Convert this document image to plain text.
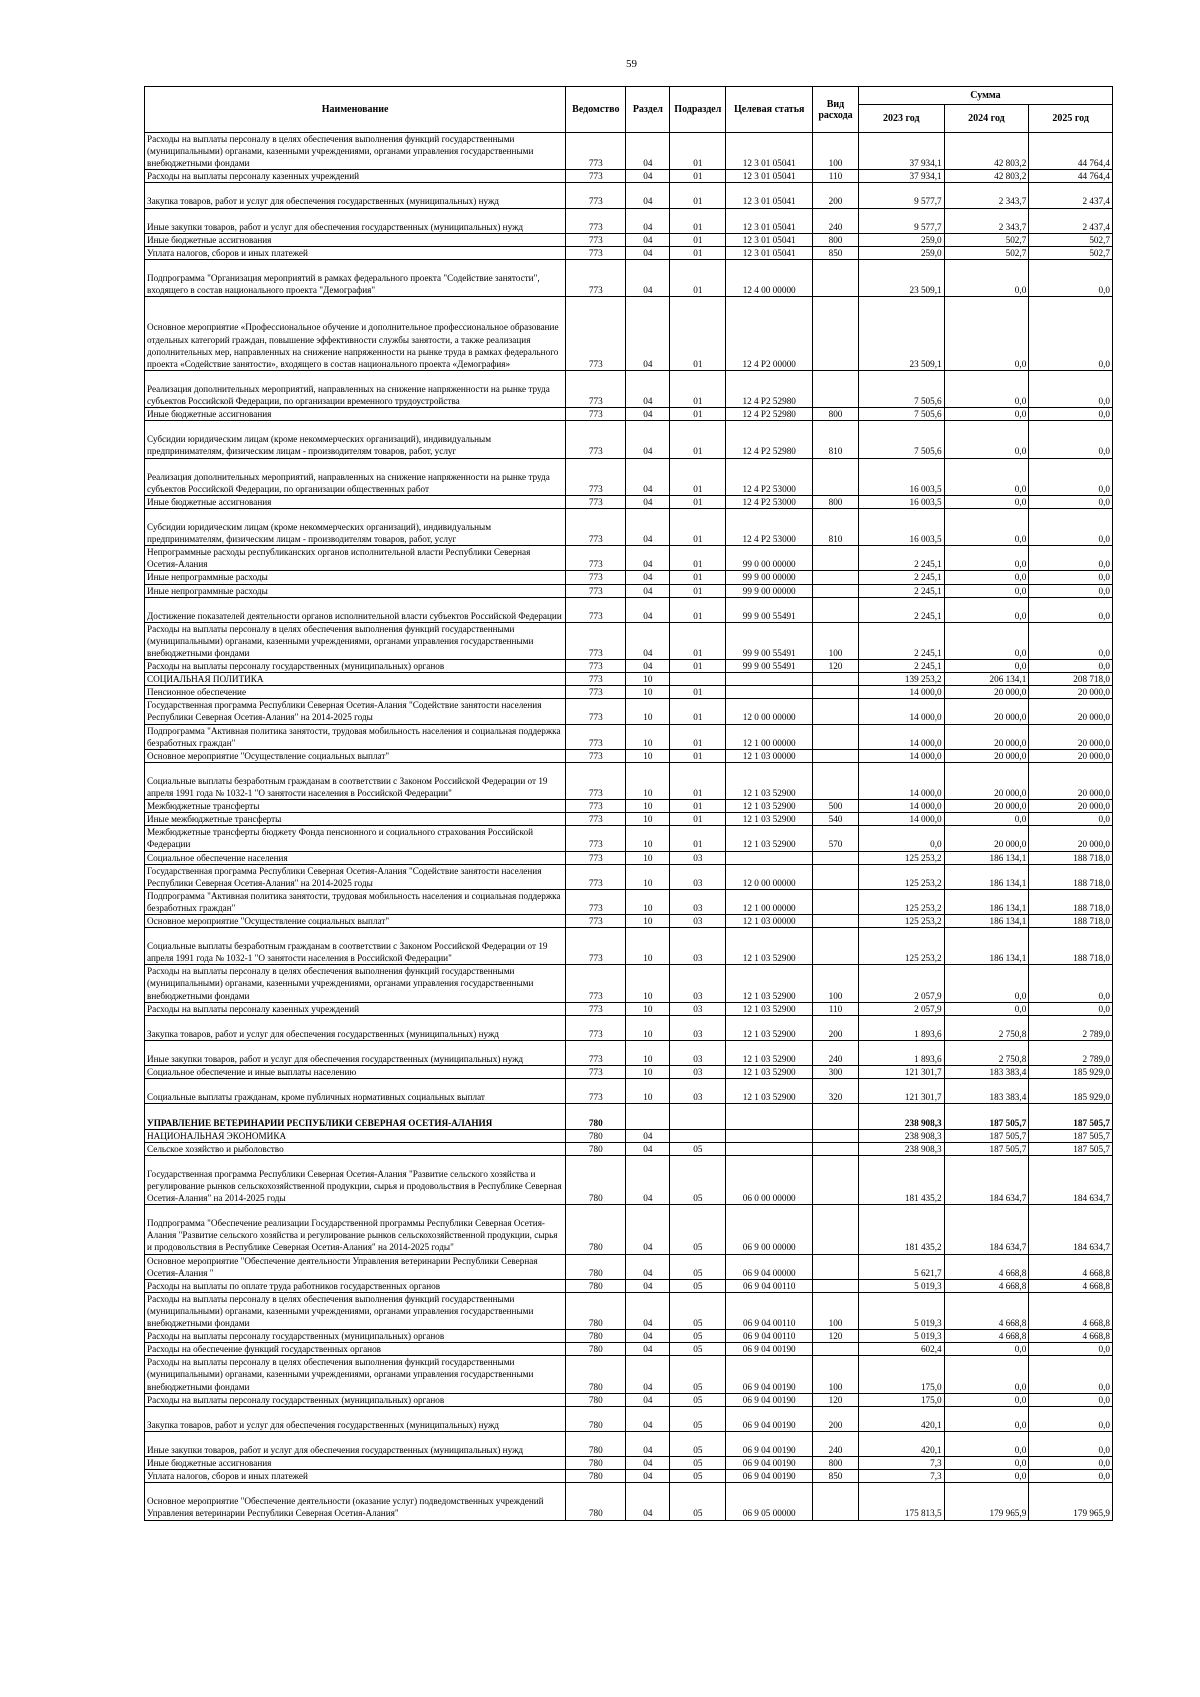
59
Наименование	Ведомство	Раздел	Подраздел	Целевая статья	Вид расхода	Сумма		
						2023 год	2024 год	2025 год
Расходы на выплаты персоналу в целях обеспечения выполнения функций государственными (муниципальными) органами, казенными учреждениями, органами управления государственными внебюджетными фондами	773	04	01	12 3 01 05041	100	37 934,1	42 803,2	44 764,4
Расходы на выплаты персоналу казенных учреждений	773	04	01	12 3 01 05041	110	37 934,1	42 803,2	44 764,4
Закупка товаров, работ и услуг для обеспечения государственных (муниципальных) нужд	773	04	01	12 3 01 05041	200	9 577,7	2 343,7	2 437,4
Иные закупки товаров, работ и услуг для обеспечения государственных (муниципальных) нужд	773	04	01	12 3 01 05041	240	9 577,7	2 343,7	2 437,4
Иные бюджетные ассигнования	773	04	01	12 3 01 05041	800	259,0	502,7	502,7
Уплата налогов, сборов и иных платежей	773	04	01	12 3 01 05041	850	259,0	502,7	502,7
Подпрограмма "Организация мероприятий в рамках федерального проекта "Содействие занятости", входящего в состав национального проекта "Демография"	773	04	01	12 4 00 00000		23 509,1	0,0	0,0
Основное мероприятие «Профессиональное обучение и дополнительное профессиональное образование отдельных категорий граждан, повышение эффективности службы занятости, а также реализация дополнительных мер, направленных на снижение напряженности на рынке труда в рамках федерального проекта «Содействие занятости», входящего в состав национального проекта «Демография»	773	04	01	12 4 P2 00000		23 509,1	0,0	0,0
Реализация дополнительных мероприятий, направленных на снижение напряженности на рынке труда субъектов Российской Федерации, по организации временного трудоустройства	773	04	01	12 4 P2 52980		7 505,6	0,0	0,0
Иные бюджетные ассигнования	773	04	01	12 4 P2 52980	800	7 505,6	0,0	0,0
Субсидии юридическим лицам (кроме некоммерческих организаций), индивидуальным предпринимателям, физическим лицам - производителям товаров, работ, услуг	773	04	01	12 4 P2 52980	810	7 505,6	0,0	0,0
Реализация дополнительных мероприятий, направленных на снижение напряженности на рынке труда субъектов Российской Федерации, по организации общественных работ	773	04	01	12 4 P2 53000		16 003,5	0,0	0,0
Иные бюджетные ассигнования	773	04	01	12 4 P2 53000	800	16 003,5	0,0	0,0
Субсидии юридическим лицам (кроме некоммерческих организаций), индивидуальным предпринимателям, физическим лицам - производителям товаров, работ, услуг	773	04	01	12 4 P2 53000	810	16 003,5	0,0	0,0
Непрограммные расходы республиканских органов исполнительной власти Республики Северная Осетия-Алания	773	04	01	99 0 00 00000		2 245,1	0,0	0,0
Иные непрограммные расходы	773	04	01	99 9 00 00000		2 245,1	0,0	0,0
Иные непрограммные расходы	773	04	01	99 9 00 00000		2 245,1	0,0	0,0
Достижение показателей деятельности органов исполнительной власти субъектов Российской Федерации	773	04	01	99 9 00 55491		2 245,1	0,0	0,0
Расходы на выплаты персоналу в целях обеспечения выполнения функций государственными (муниципальными) органами, казенными учреждениями, органами управления государственными внебюджетными фондами	773	04	01	99 9 00 55491	100	2 245,1	0,0	0,0
Расходы на выплаты персоналу государственных (муниципальных) органов	773	04	01	99 9 00 55491	120	2 245,1	0,0	0,0
СОЦИАЛЬНАЯ ПОЛИТИКА	773	10				139 253,2	206 134,1	208 718,0
Пенсионное обеспечение	773	10	01			14 000,0	20 000,0	20 000,0
Государственная программа Республики Северная Осетия-Алания "Содействие занятости населения Республики Северная Осетия-Алания" на 2014-2025 годы	773	10	01	12 0 00 00000		14 000,0	20 000,0	20 000,0
Подпрограмма "Активная политика занятости, трудовая мобильность населения и социальная поддержка безработных граждан"	773	10	01	12 1 00 00000		14 000,0	20 000,0	20 000,0
Основное мероприятие "Осуществление социальных выплат"	773	10	01	12 1 03 00000		14 000,0	20 000,0	20 000,0
Социальные выплаты безработным гражданам в соответствии с Законом Российской Федерации от 19 апреля 1991 года № 1032-1 "О занятости населения в Российской Федерации"	773	10	01	12 1 03 52900		14 000,0	20 000,0	20 000,0
Межбюджетные трансферты	773	10	01	12 1 03 52900	500	14 000,0	20 000,0	20 000,0
Иные межбюджетные трансферты	773	10	01	12 1 03 52900	540	14 000,0	0,0	0,0
Межбюджетные трансферты бюджету Фонда пенсионного и социального страхования Российской Федерации	773	10	01	12 1 03 52900	570	0,0	20 000,0	20 000,0
Социальное обеспечение населения	773	10	03			125 253,2	186 134,1	188 718,0
Государственная программа Республики Северная Осетия-Алания "Содействие занятости населения Республики Северная Осетия-Алания" на 2014-2025 годы	773	10	03	12 0 00 00000		125 253,2	186 134,1	188 718,0
Подпрограмма "Активная политика занятости, трудовая мобильность населения и социальная поддержка безработных граждан"	773	10	03	12 1 00 00000		125 253,2	186 134,1	188 718,0
Основное мероприятие "Осуществление социальных выплат"	773	10	03	12 1 03 00000		125 253,2	186 134,1	188 718,0
Социальные выплаты безработным гражданам в соответствии с Законом Российской Федерации от 19 апреля 1991 года № 1032-1 "О занятости населения в Российской Федерации"	773	10	03	12 1 03 52900		125 253,2	186 134,1	188 718,0
Расходы на выплаты персоналу в целях обеспечения выполнения функций государственными (муниципальными) органами, казенными учреждениями, органами управления государственными внебюджетными фондами	773	10	03	12 1 03 52900	100	2 057,9	0,0	0,0
Расходы на выплаты персоналу казенных учреждений	773	10	03	12 1 03 52900	110	2 057,9	0,0	0,0
Закупка товаров, работ и услуг для обеспечения государственных (муниципальных) нужд	773	10	03	12 1 03 52900	200	1 893,6	2 750,8	2 789,0
Иные закупки товаров, работ и услуг для обеспечения государственных (муниципальных) нужд	773	10	03	12 1 03 52900	240	1 893,6	2 750,8	2 789,0
Социальное обеспечение и иные выплаты населению	773	10	03	12 1 03 52900	300	121 301,7	183 383,4	185 929,0
Социальные выплаты гражданам, кроме публичных нормативных социальных выплат	773	10	03	12 1 03 52900	320	121 301,7	183 383,4	185 929,0
УПРАВЛЕНИЕ ВЕТЕРИНАРИИ РЕСПУБЛИКИ СЕВЕРНАЯ ОСЕТИЯ-АЛАНИЯ	780					238 908,3	187 505,7	187 505,7
НАЦИОНАЛЬНАЯ ЭКОНОМИКА	780	04				238 908,3	187 505,7	187 505,7
Сельское хозяйство и рыболовство	780	04	05			238 908,3	187 505,7	187 505,7
Государственная программа Республики Северная Осетия-Алания "Развитие сельского хозяйства и регулирование рынков сельскохозяйственной продукции, сырья и продовольствия в Республике Северная Осетия-Алания" на 2014-2025 годы	780	04	05	06 0 00 00000		181 435,2	184 634,7	184 634,7
Подпрограмма "Обеспечение реализации Государственной программы Республики Северная Осетия-Алания "Развитие сельского хозяйства и регулирование рынков сельскохозяйственной продукции, сырья и продовольствия в Республике Северная Осетия-Алания" на 2014-2025 годы"	780	04	05	06 9 00 00000		181 435,2	184 634,7	184 634,7
Основное мероприятие "Обеспечение деятельности Управления ветеринарии Республики Северная Осетия-Алания "	780	04	05	06 9 04 00000		5 621,7	4 668,8	4 668,8
Расходы на выплаты по оплате труда работников государственных органов	780	04	05	06 9 04 00110		5 019,3	4 668,8	4 668,8
Расходы на выплаты персоналу в целях обеспечения выполнения функций государственными (муниципальными) органами, казенными учреждениями, органами управления государственными внебюджетными фондами	780	04	05	06 9 04 00110	100	5 019,3	4 668,8	4 668,8
Расходы на выплаты персоналу государственных (муниципальных) органов	780	04	05	06 9 04 00110	120	5 019,3	4 668,8	4 668,8
Расходы на обеспечение функций государственных органов	780	04	05	06 9 04 00190		602,4	0,0	0,0
Расходы на выплаты персоналу в целях обеспечения выполнения функций государственными (муниципальными) органами, казенными учреждениями, органами управления государственными внебюджетными фондами	780	04	05	06 9 04 00190	100	175,0	0,0	0,0
Расходы на выплаты персоналу государственных (муниципальных) органов	780	04	05	06 9 04 00190	120	175,0	0,0	0,0
Закупка товаров, работ и услуг для обеспечения государственных (муниципальных) нужд	780	04	05	06 9 04 00190	200	420,1	0,0	0,0
Иные закупки товаров, работ и услуг для обеспечения государственных (муниципальных) нужд	780	04	05	06 9 04 00190	240	420,1	0,0	0,0
Иные бюджетные ассигнования	780	04	05	06 9 04 00190	800	7,3	0,0	0,0
Уплата налогов, сборов и иных платежей	780	04	05	06 9 04 00190	850	7,3	0,0	0,0
Основное мероприятие "Обеспечение деятельности (оказание услуг) подведомственных учреждений Управления ветеринарии Республики Северная Осетия-Алания"	780	04	05	06 9 05 00000		175 813,5	179 965,9	179 965,9
